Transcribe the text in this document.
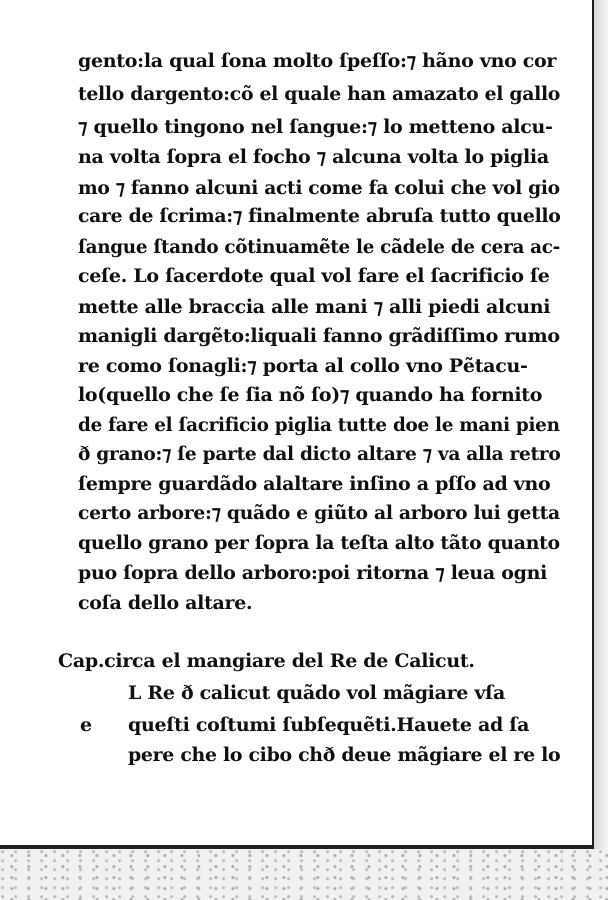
gento:la qual ſona molto ſpeſſo:⁊ hãno vno cor
tello dargento:cõ el quale han amazato el gallo
⁊ quello tingono nel ſangue:⁊ lo metteno alcu-
na volta ſopra el focho ⁊ alcuna volta lo piglia
mo ⁊ fanno alcuni acti come fa colui che vol gio
care de ſcrima:⁊ finalmente abruſa tutto quello
ſangue ſtando cõtinuamẽte le cãdele de cera ac-
ceſe. Lo ſacerdote qual vol fare el ſacrificio ſe
mette alle braccia alle mani ⁊ alli piedi alcuni
manigli dargẽto:liquali fanno grãdiſſimo rumo
re como ſonagli:⁊ porta al collo vno Pẽtacu-
lo(quello che ſe ſia nõ ſo)⁊ quando ha fornito
de fare el ſacrificio piglia tutte doe le mani pien
ð grano:⁊ ſe parte dal dicto altare ⁊ va alla retro
ſempre guardãdo alaltare inſino a pſſo ad vno
certo arbore:⁊ quãdo e giũto al arboro lui getta
quello grano per ſopra la teſta alto tãto quanto
puo ſopra dello arboro:poi ritorna ⁊ leua ogni
coſa dello altare.
Cap.circa el mangiare del Re de Calicut.
L Re ð calicut quãdo vol mãgiare vſa
queſti coſtumi ſubſequẽti.Hauete ad ſa
pere che lo cibo chð deue mãgiare el re lo
e
